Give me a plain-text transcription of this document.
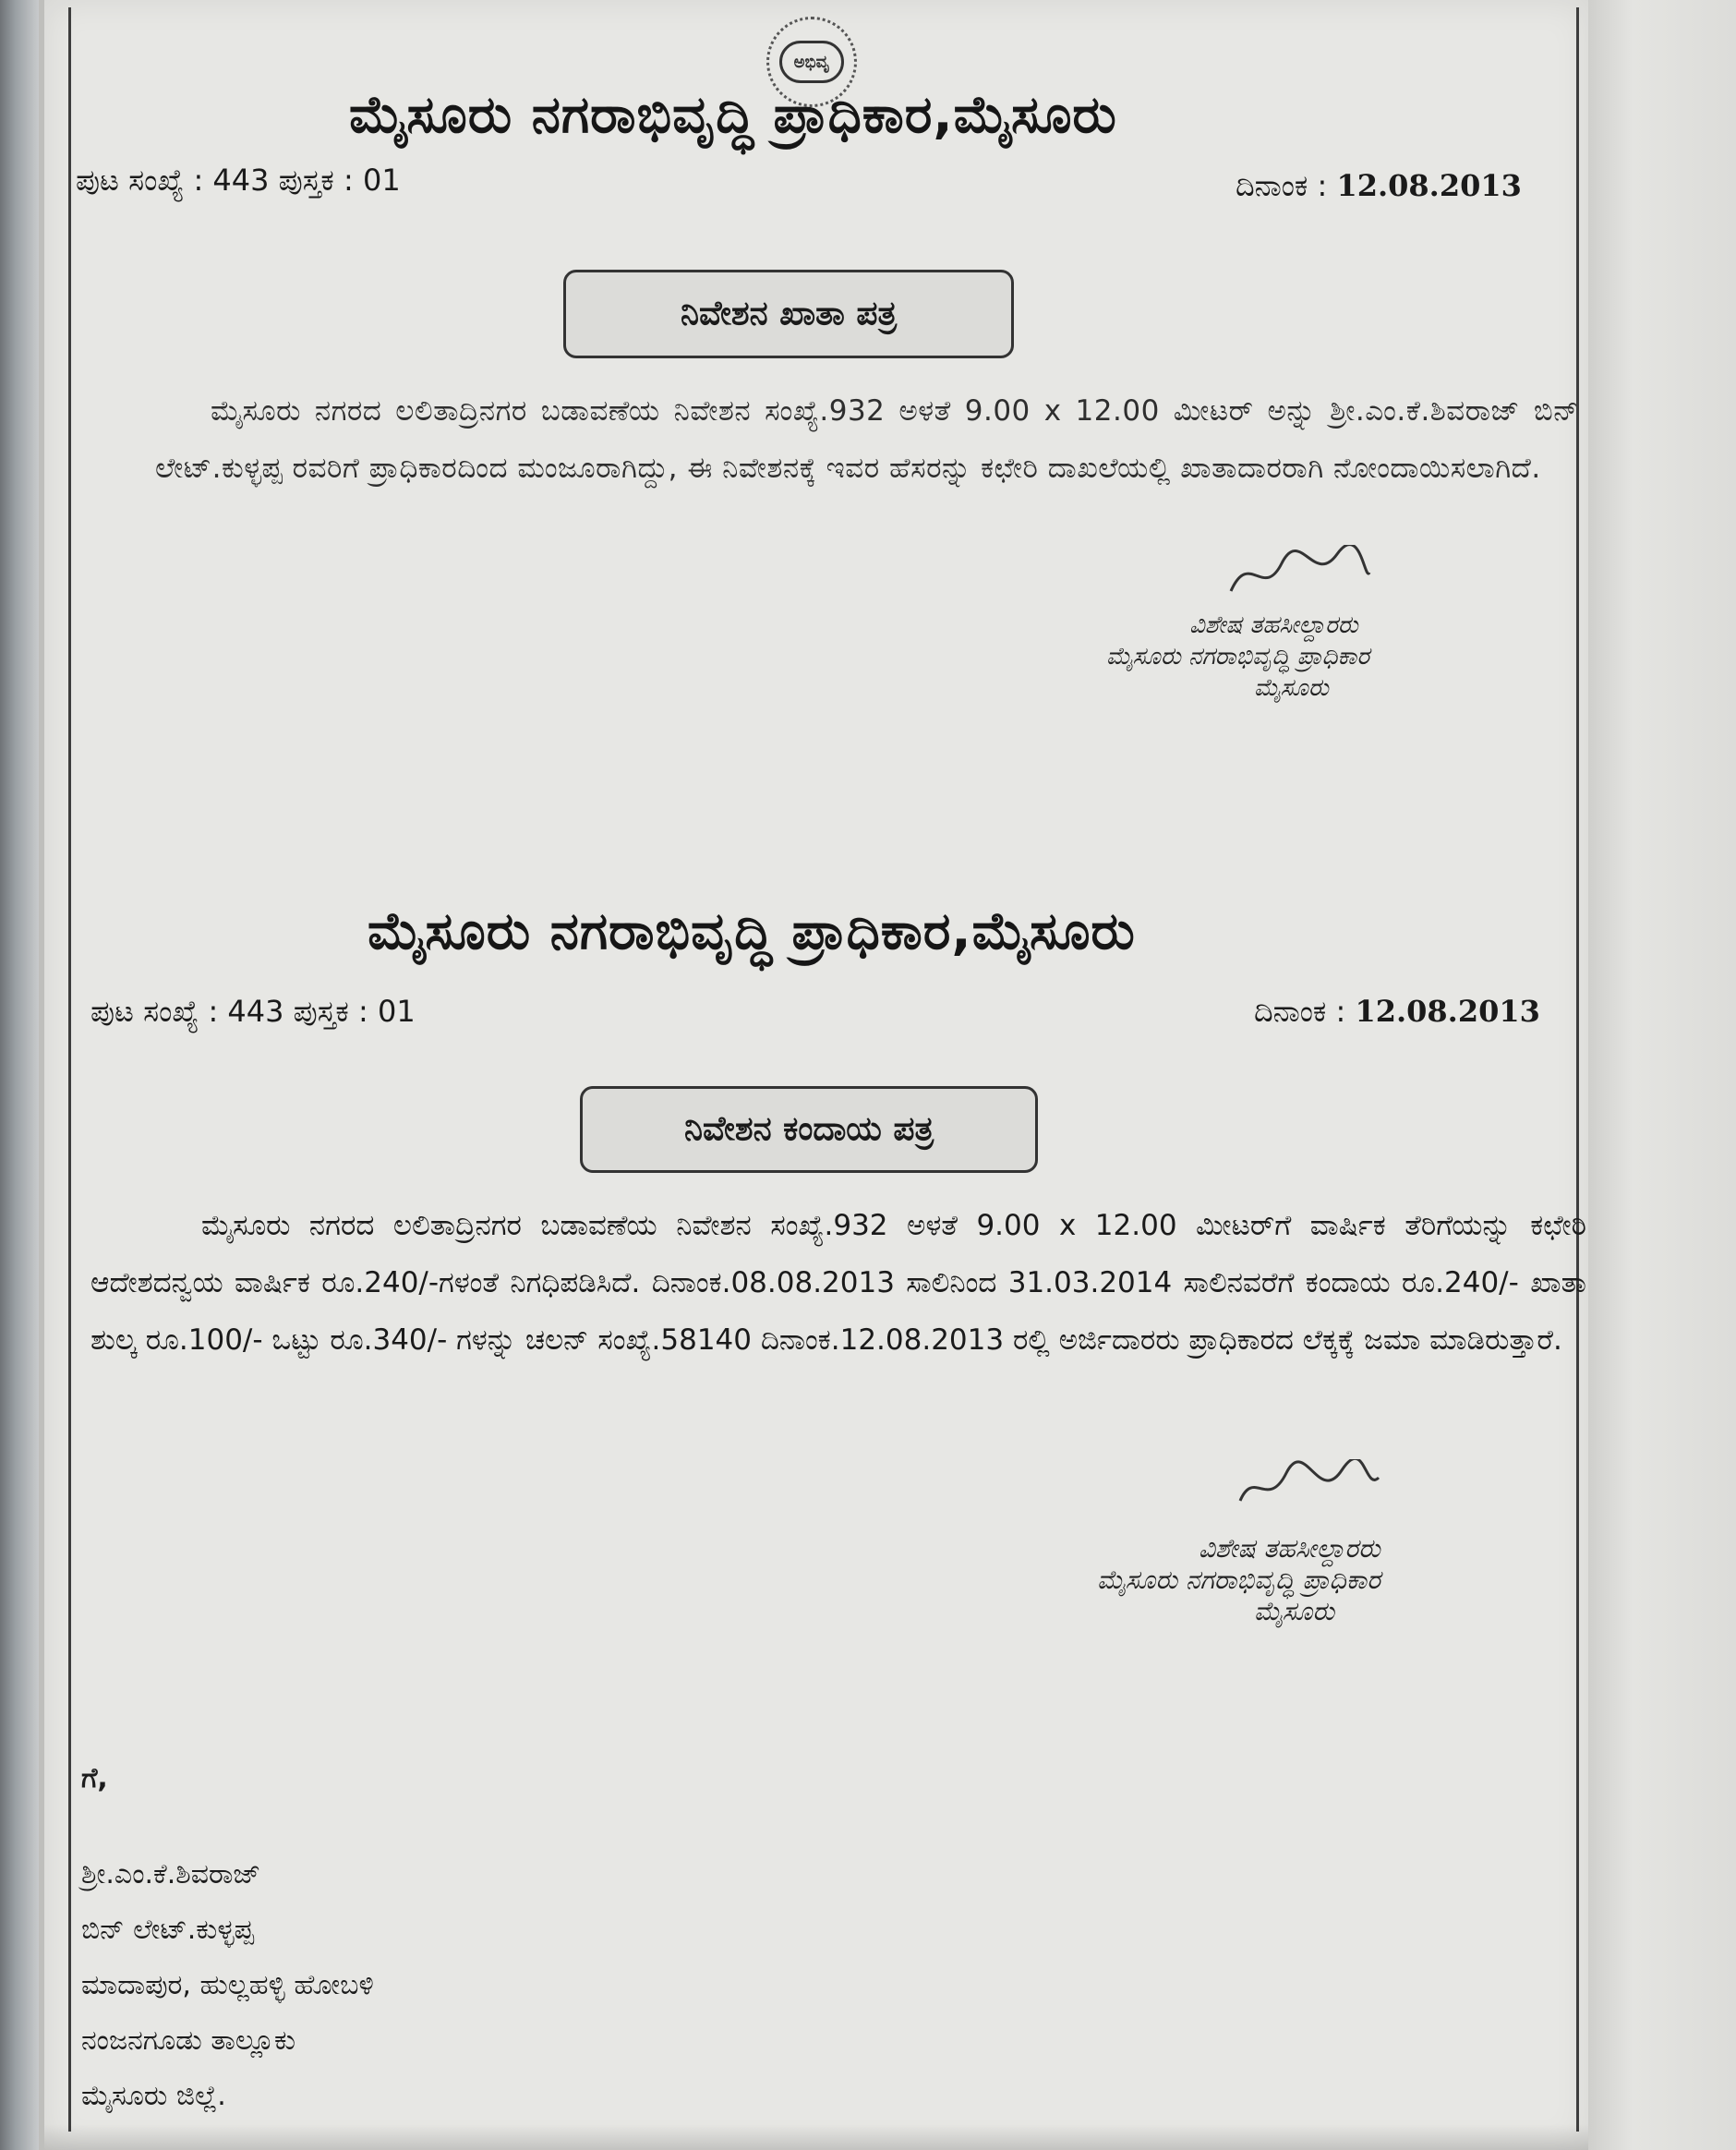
ಅಭಿವೃ
ಮೈಸೂರು ನಗರಾಭಿವೃದ್ಧಿ ಪ್ರಾಧಿಕಾರ,ಮೈಸೂರು
ಪುಟ ಸಂಖ್ಯೆ : 443 ಪುಸ್ತಕ : 01	ದಿನಾಂಕ : 12.08.2013
ನಿವೇಶನ ಖಾತಾ ಪತ್ರ
ಮೈಸೂರು ನಗರದ ಲಲಿತಾದ್ರಿನಗರ ಬಡಾವಣೆಯ ನಿವೇಶನ ಸಂಖ್ಯೆ.932 ಅಳತೆ 9.00 x 12.00 ಮೀಟರ್ ಅನ್ನು ಶ್ರೀ.ಎಂ.ಕೆ.ಶಿವರಾಜ್ ಬಿನ್ ಲೇಟ್.ಕುಳ್ಳಪ್ಪ ರವರಿಗೆ ಪ್ರಾಧಿಕಾರದಿಂದ ಮಂಜೂರಾಗಿದ್ದು, ಈ ನಿವೇಶನಕ್ಕೆ ಇವರ ಹೆಸರನ್ನು ಕಛೇರಿ ದಾಖಲೆಯಲ್ಲಿ ಖಾತಾದಾರರಾಗಿ ನೋಂದಾಯಿಸಲಾಗಿದೆ.
ವಿಶೇಷ ತಹಸೀಲ್ದಾರರು
ಮೈಸೂರು ನಗರಾಭಿವೃದ್ಧಿ ಪ್ರಾಧಿಕಾರ
ಮೈಸೂರು
ಮೈಸೂರು ನಗರಾಭಿವೃದ್ಧಿ ಪ್ರಾಧಿಕಾರ,ಮೈಸೂರು
ಪುಟ ಸಂಖ್ಯೆ : 443 ಪುಸ್ತಕ : 01	ದಿನಾಂಕ : 12.08.2013
ನಿವೇಶನ ಕಂದಾಯ ಪತ್ರ
ಮೈಸೂರು ನಗರದ ಲಲಿತಾದ್ರಿನಗರ ಬಡಾವಣೆಯ ನಿವೇಶನ ಸಂಖ್ಯೆ.932 ಅಳತೆ 9.00 x 12.00 ಮೀಟರ್‌ಗೆ ವಾರ್ಷಿಕ ತೆರಿಗೆಯನ್ನು ಕಛೇರಿ ಆದೇಶದನ್ವಯ ವಾರ್ಷಿಕ ರೂ.240/-ಗಳಂತೆ ನಿಗಧಿಪಡಿಸಿದೆ. ದಿನಾಂಕ.08.08.2013 ಸಾಲಿನಿಂದ 31.03.2014 ಸಾಲಿನವರೆಗೆ ಕಂದಾಯ ರೂ.240/- ಖಾತಾ ಶುಲ್ಕ ರೂ.100/- ಒಟ್ಟು ರೂ.340/- ಗಳನ್ನು ಚಲನ್ ಸಂಖ್ಯೆ.58140 ದಿನಾಂಕ.12.08.2013 ರಲ್ಲಿ ಅರ್ಜಿದಾರರು ಪ್ರಾಧಿಕಾರದ ಲೆಕ್ಕಕ್ಕೆ ಜಮಾ ಮಾಡಿರುತ್ತಾರೆ.
ವಿಶೇಷ ತಹಸೀಲ್ದಾರರು
ಮೈಸೂರು ನಗರಾಭಿವೃದ್ಧಿ ಪ್ರಾಧಿಕಾರ
ಮೈಸೂರು
ಗೆ,
ಶ್ರೀ.ಎಂ.ಕೆ.ಶಿವರಾಜ್
ಬಿನ್ ಲೇಟ್.ಕುಳ್ಳಪ್ಪ
ಮಾದಾಪುರ, ಹುಲ್ಲಹಳ್ಳಿ ಹೋಬಳಿ
ನಂಜನಗೂಡು ತಾಲ್ಲೂಕು
ಮೈಸೂರು ಜಿಲ್ಲೆ.
